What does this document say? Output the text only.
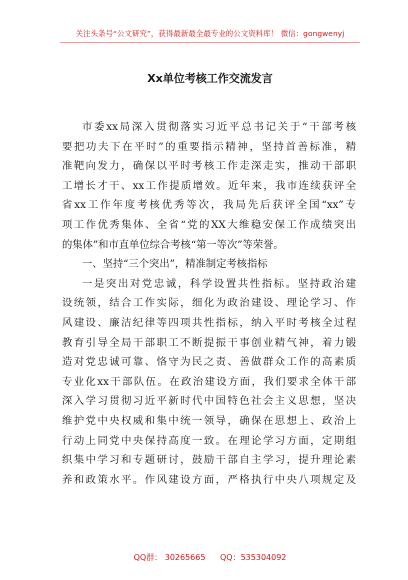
关注头条号“公文研究”，获得最新最全最专业的公文资料库！ 微信：gongwenyj
Xx单位考核工作交流发言
市委xx局深入贯彻落实习近平总书记关于“干部考核
要把功夫下在平时”的重要指示精神，坚持首善标准，精
准靶向发力，确保以平时考核工作走深走实，推动干部职
工增长才干、xx工作提质增效。近年来，我市连续获评全
省xx工作年度考核优秀等次，我局先后获评全国“xx”专
项工作优秀集体、全省“党的XX大维稳安保工作成绩突出
的集体”和市直单位综合考核“第一等次”等荣誉。
一、坚持“三个突出”，精准制定考核指标
一是突出对党忠诚，科学设置共性指标。坚持政治建
设统领，结合工作实际，细化为政治建设、理论学习、作
风建设、廉洁纪律等四项共性指标，纳入平时考核全过程
教育引导全局干部职工不断提振干事创业精气神，着力锻
造对党忠诚可靠、恪守为民之责、善做群众工作的高素质
专业化xx干部队伍。在政治建设方面，我们要求全体干部
深入学习贯彻习近平新时代中国特色社会主义思想，坚决
维护党中央权威和集中统一领导，确保在思想上、政治上
行动上同党中央保持高度一致。在理论学习方面，定期组
织集中学习和专题研讨，鼓励干部自主学习，提升理论素
养和政策水平。作风建设方面，严格执行中央八项规定及
QQ群： 30265665 QQ：535304092
